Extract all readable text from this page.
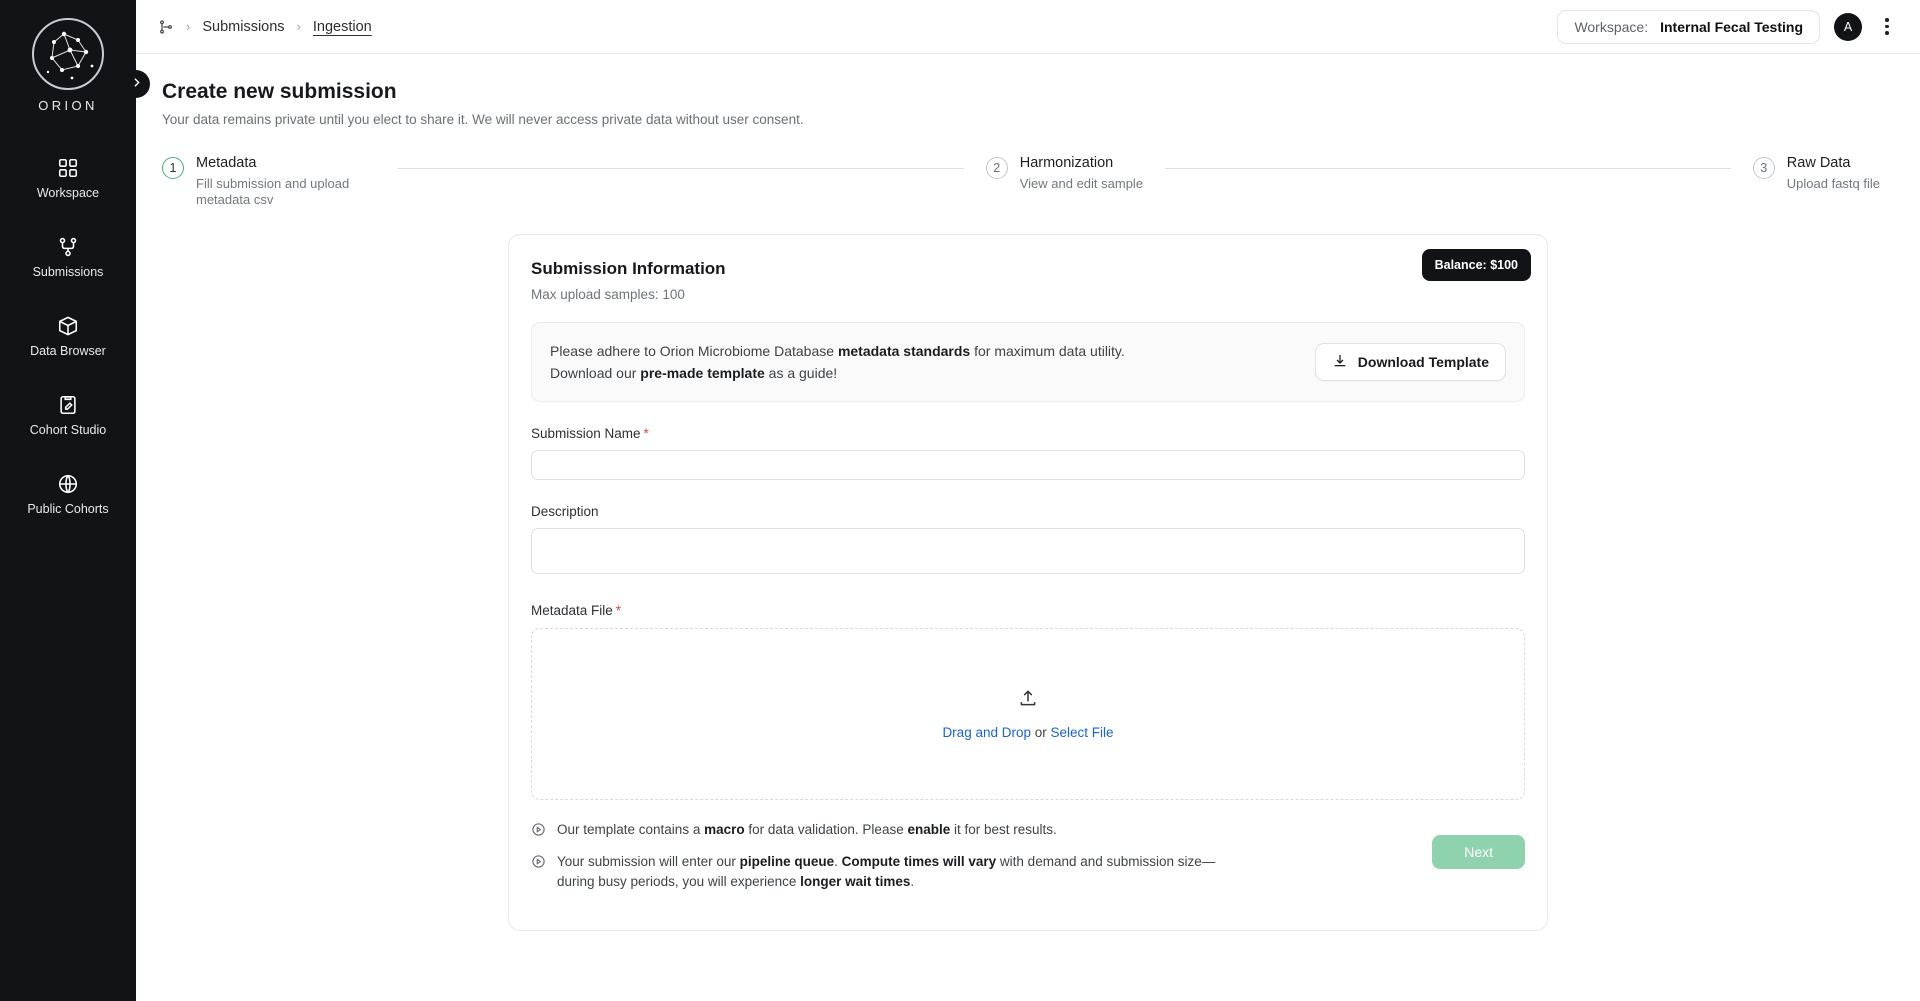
ORION
Workspace
Submissions
Data Browser
Cohort Studio
Public Cohorts
› Submissions › Ingestion	Workspace: Internal Fecal Testing	A
Create new submission
Your data remains private until you elect to share it. We will never access private data without user consent.
1	Metadata
Fill submission and upload metadata csv
2	Harmonization
View and edit sample
3	Raw Data
Upload fastq file
Balance: $100
Submission Information
Max upload samples: 100
Please adhere to Orion Microbiome Database metadata standards for maximum data utility.
Download our pre-made template as a guide!
Download Template
Submission Name *
Description
Metadata File *
Drag and Drop or Select File
Our template contains a macro for data validation. Please enable it for best results.
Your submission will enter our pipeline queue. Compute times will vary with demand and submission size—during busy periods, you will experience longer wait times.
Next
